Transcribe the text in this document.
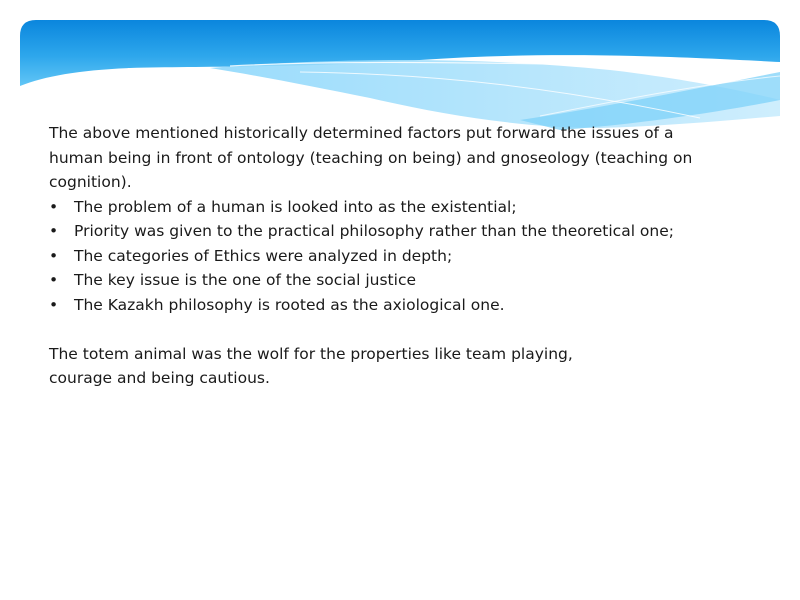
The above mentioned historically determined factors put forward the issues of a human being in front of ontology (teaching on being) and gnoseology (teaching on cognition).

• The problem of a human is looked into as the existential;
• Priority was given to the practical philosophy rather than the theoretical one;
• The categories of Ethics were analyzed in depth;
• The key issue is the one of the social justice
• The Kazakh philosophy is rooted as the axiological one.

The totem animal was the wolf for the properties like team playing, courage and being cautious.
